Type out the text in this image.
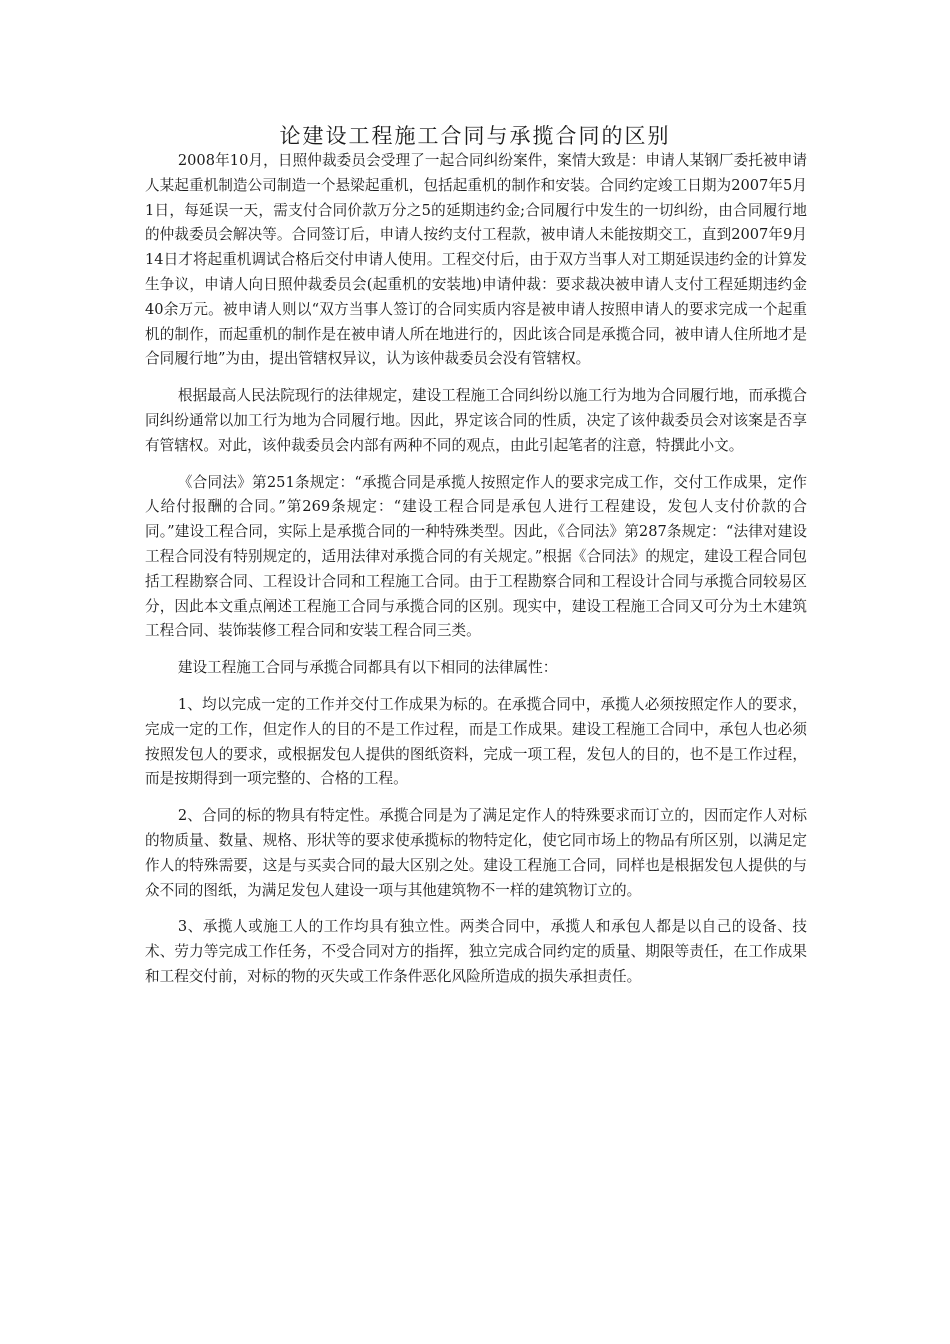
论建设工程施工合同与承揽合同的区别

2008年10月，日照仲裁委员会受理了一起合同纠纷案件，案情大致是：申请人某钢厂委托被申请人某起重机制造公司制造一个悬梁起重机，包括起重机的制作和安装。合同约定竣工日期为2007年5月1日，每延误一天，需支付合同价款万分之5的延期违约金;合同履行中发生的一切纠纷，由合同履行地的仲裁委员会解决等。合同签订后，申请人按约支付工程款，被申请人未能按期交工，直到2007年9月14日才将起重机调试合格后交付申请人使用。工程交付后，由于双方当事人对工期延误违约金的计算发生争议，申请人向日照仲裁委员会(起重机的安装地)申请仲裁：要求裁决被申请人支付工程延期违约金40余万元。被申请人则以“双方当事人签订的合同实质内容是被申请人按照申请人的要求完成一个起重机的制作，而起重机的制作是在被申请人所在地进行的，因此该合同是承揽合同，被申请人住所地才是合同履行地”为由，提出管辖权异议，认为该仲裁委员会没有管辖权。

根据最高人民法院现行的法律规定，建设工程施工合同纠纷以施工行为地为合同履行地，而承揽合同纠纷通常以加工行为地为合同履行地。因此，界定该合同的性质，决定了该仲裁委员会对该案是否享有管辖权。对此，该仲裁委员会内部有两种不同的观点，由此引起笔者的注意，特撰此小文。

《合同法》第251条规定：“承揽合同是承揽人按照定作人的要求完成工作，交付工作成果，定作人给付报酬的合同。”第269条规定：“建设工程合同是承包人进行工程建设，发包人支付价款的合同。”建设工程合同，实际上是承揽合同的一种特殊类型。因此，《合同法》第287条规定：“法律对建设工程合同没有特别规定的，适用法律对承揽合同的有关规定。”根据《合同法》的规定，建设工程合同包括工程勘察合同、工程设计合同和工程施工合同。由于工程勘察合同和工程设计合同与承揽合同较易区分，因此本文重点阐述工程施工合同与承揽合同的区别。现实中，建设工程施工合同又可分为土木建筑工程合同、装饰装修工程合同和安装工程合同三类。

建设工程施工合同与承揽合同都具有以下相同的法律属性：

1、均以完成一定的工作并交付工作成果为标的。在承揽合同中，承揽人必须按照定作人的要求，完成一定的工作，但定作人的目的不是工作过程，而是工作成果。建设工程施工合同中，承包人也必须按照发包人的要求，或根据发包人提供的图纸资料，完成一项工程，发包人的目的，也不是工作过程，而是按期得到一项完整的、合格的工程。

2、合同的标的物具有特定性。承揽合同是为了满足定作人的特殊要求而订立的，因而定作人对标的物质量、数量、规格、形状等的要求使承揽标的物特定化，使它同市场上的物品有所区别，以满足定作人的特殊需要，这是与买卖合同的最大区别之处。建设工程施工合同，同样也是根据发包人提供的与众不同的图纸，为满足发包人建设一项与其他建筑物不一样的建筑物订立的。

3、承揽人或施工人的工作均具有独立性。两类合同中，承揽人和承包人都是以自己的设备、技术、劳力等完成工作任务，不受合同对方的指挥，独立完成合同约定的质量、期限等责任，在工作成果和工程交付前，对标的物的灭失或工作条件恶化风险所造成的损失承担责任。
